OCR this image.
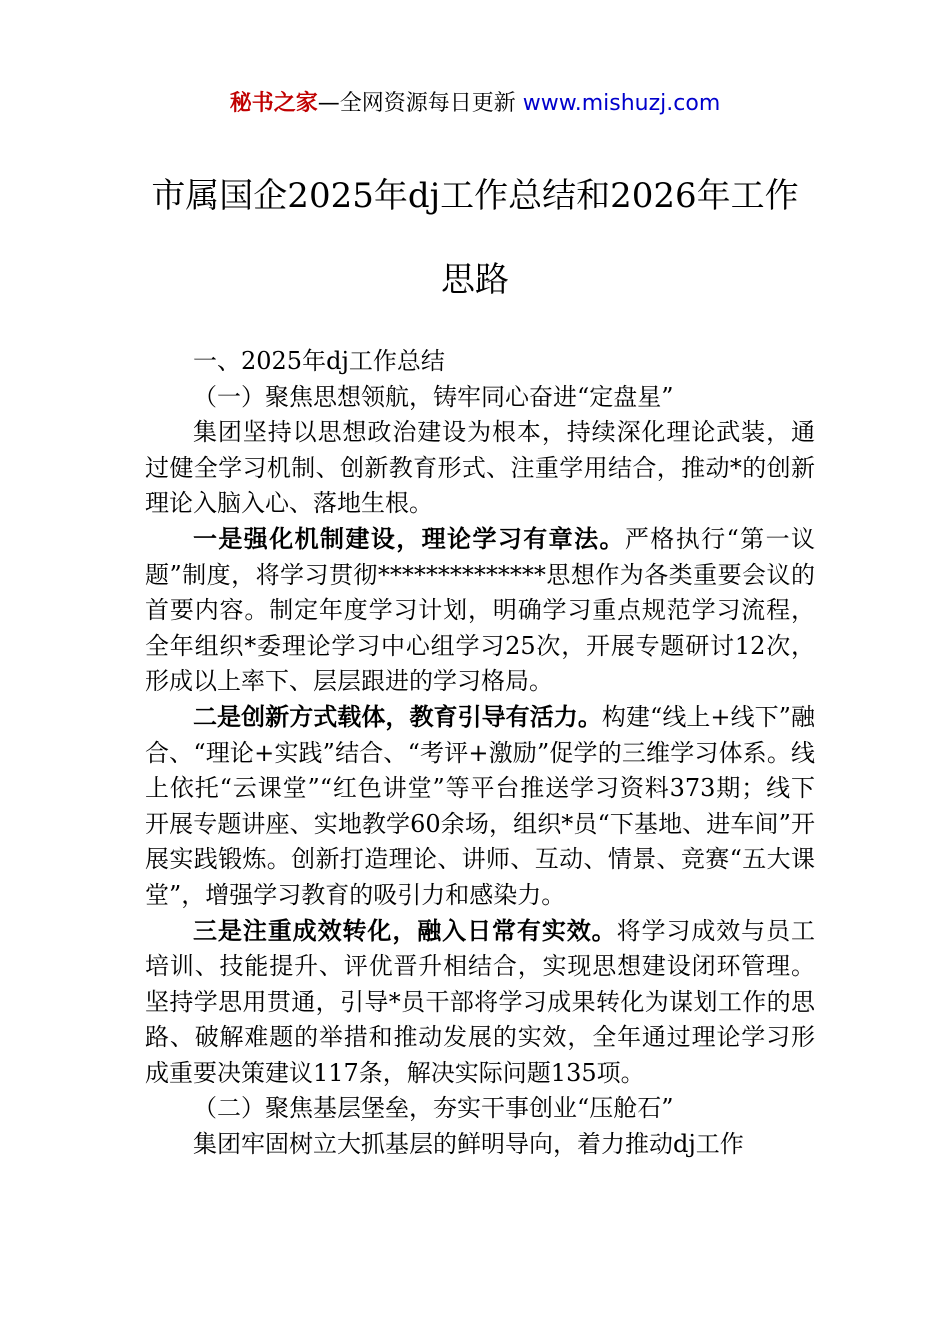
秘书之家—全网资源每日更新 www.mishuzj.com
市属国企2025年dj工作总结和2026年工作思路

一、2025年dj工作总结

（一）聚焦思想领航，铸牢同心奋进“定盘星”

集团坚持以思想政治建设为根本，持续深化理论武装，通过健全学习机制、创新教育形式、注重学用结合，推动*的创新理论入脑入心、落地生根。

一是强化机制建设，理论学习有章法。严格执行“第一议题”制度，将学习贯彻**************思想作为各类重要会议的首要内容。制定年度学习计划，明确学习重点规范学习流程，全年组织*委理论学习中心组学习25次，开展专题研讨12次，形成以上率下、层层跟进的学习格局。

二是创新方式载体，教育引导有活力。构建“线上+线下”融合、“理论+实践”结合、“考评+激励”促学的三维学习体系。线上依托“云课堂”“红色讲堂”等平台推送学习资料373期；线下开展专题讲座、实地教学60余场，组织*员“下基地、进车间”开展实践锻炼。创新打造理论、讲师、互动、情景、竞赛“五大课堂”，增强学习教育的吸引力和感染力。

三是注重成效转化，融入日常有实效。将学习成效与员工培训、技能提升、评优晋升相结合，实现思想建设闭环管理。坚持学思用贯通，引导*员干部将学习成果转化为谋划工作的思路、破解难题的举措和推动发展的实效，全年通过理论学习形成重要决策建议117条，解决实际问题135项。

（二）聚焦基层堡垒，夯实干事创业“压舱石”

集团牢固树立大抓基层的鲜明导向，着力推动dj工作
